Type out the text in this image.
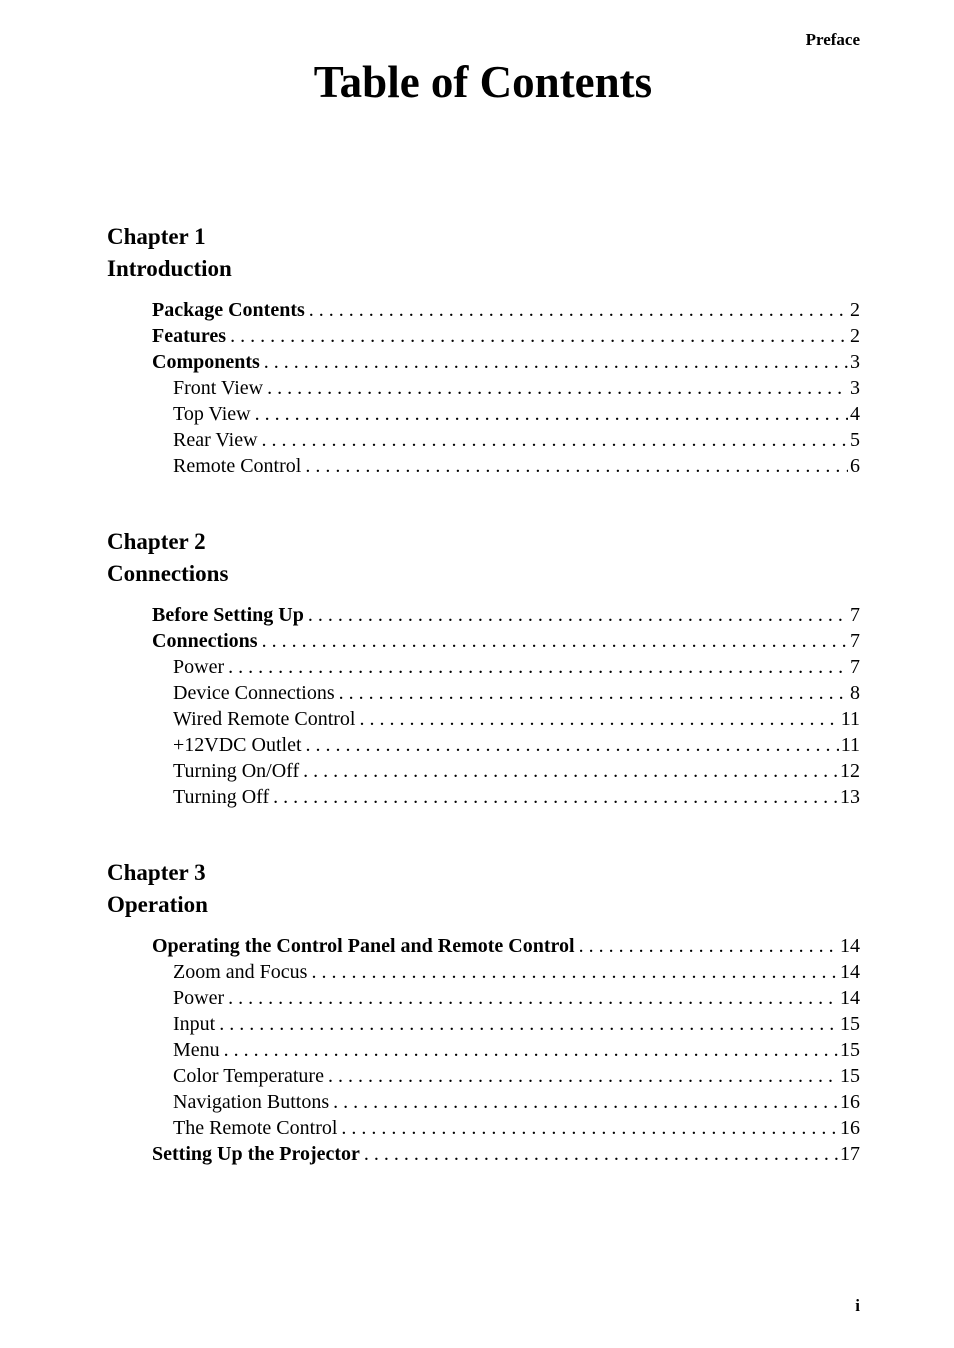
Preface
Table of Contents
Chapter 1
Introduction
Package Contents . . .	2
Features . . .	2
Components . . .	3
Front View . . .	3
Top View . . .	4
Rear View . . .	5
Remote Control . . .	6
Chapter 2
Connections
Before Setting Up . . .	7
Connections . . .	7
Power . . .	7
Device Connections . . .	8
Wired Remote Control . . .	11
+12VDC Outlet . . .	11
Turning On/Off . . .	12
Turning Off . . .	13
Chapter 3
Operation
Operating the Control Panel and Remote Control . . .	14
Zoom and Focus . . .	14
Power . . .	14
Input . . .	15
Menu . . .	15
Color Temperature . . .	15
Navigation Buttons . . .	16
The Remote Control . . .	16
Setting Up the Projector . . .	17
i
